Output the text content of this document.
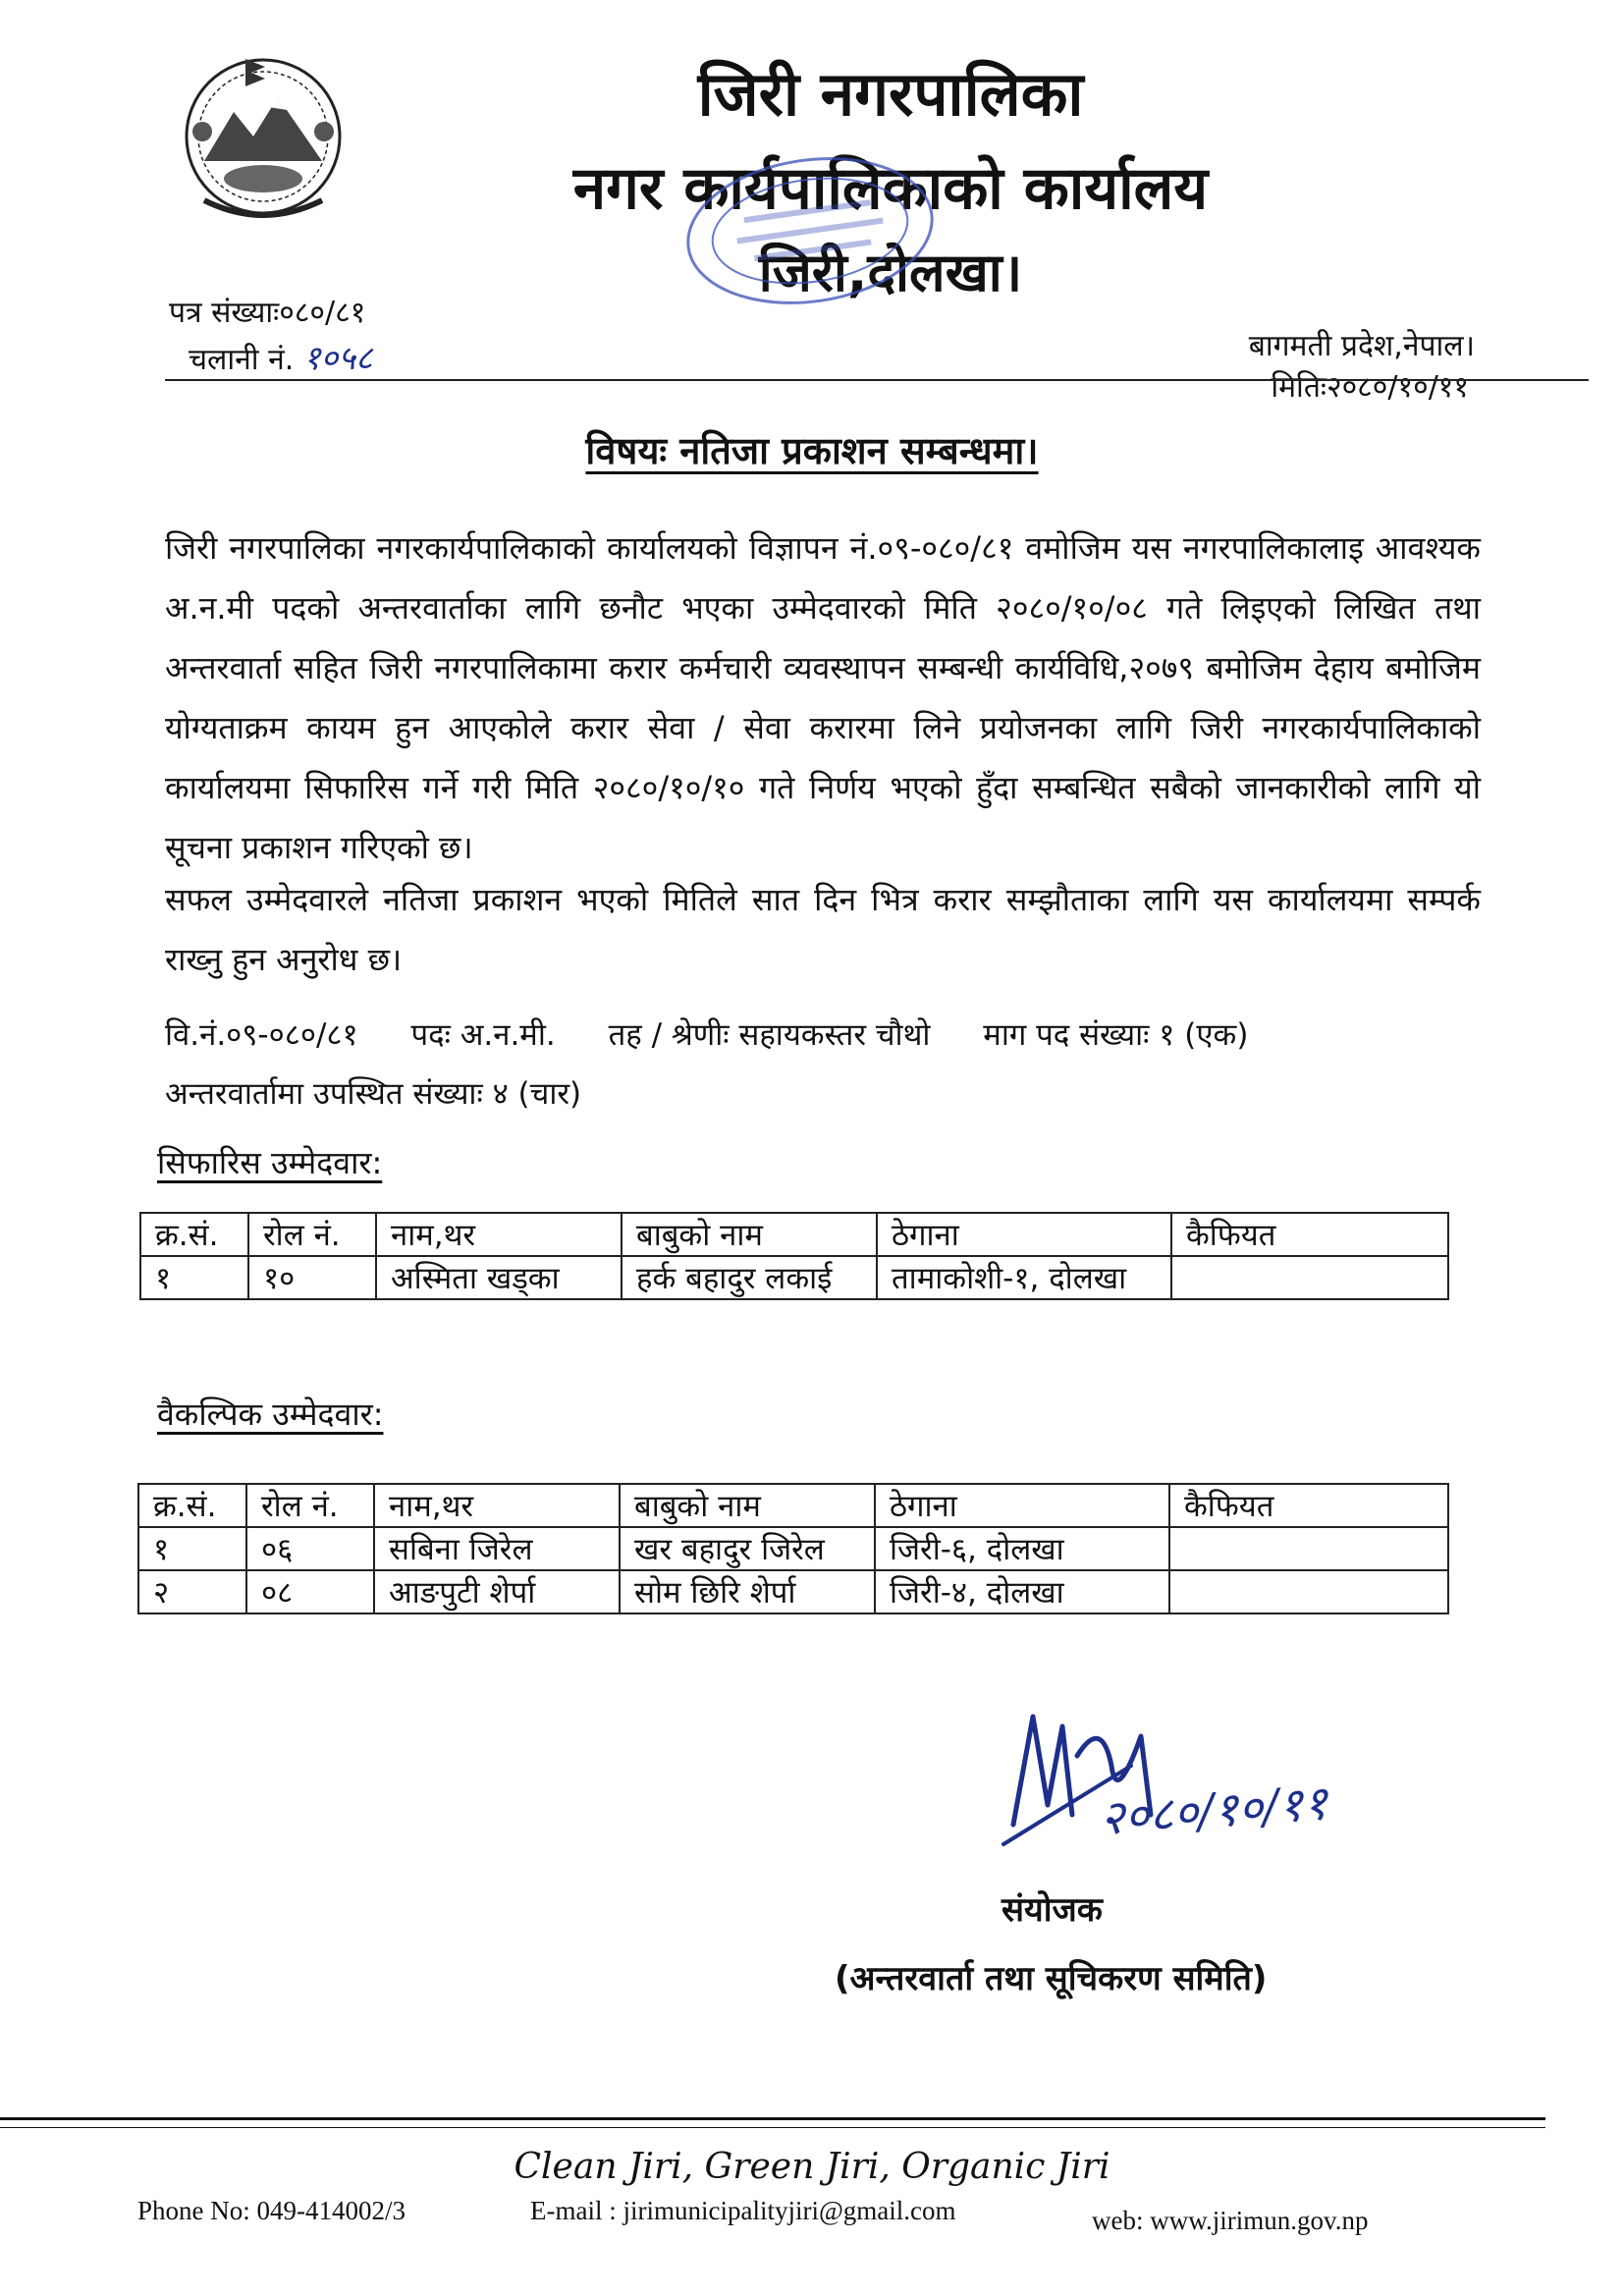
जिरी नगरपालिका
नगर कार्यपालिकाको कार्यालय
जिरी,दोलखा।
पत्र संख्याः०८०/८१
चलानी नं. १०५८	बागमती प्रदेश,नेपाल।
मितिः२०८०/१०/११
विषयः नतिजा प्रकाशन सम्बन्धमा।
जिरी नगरपालिका नगरकार्यपालिकाको कार्यालयको विज्ञापन नं.०९-०८०/८१ वमोजिम यस नगरपालिकालाइ आवश्यक अ.न.मी पदको अन्तरवार्ताका लागि छनौट भएका उम्मेदवारको मिति २०८०/१०/०८ गते लिइएको लिखित तथा अन्तरवार्ता सहित जिरी नगरपालिकामा करार कर्मचारी व्यवस्थापन सम्बन्धी कार्यविधि,२०७९ बमोजिम देहाय बमोजिम योग्यताक्रम कायम हुन आएकोले करार सेवा / सेवा करारमा लिने प्रयोजनका लागि जिरी नगरकार्यपालिकाको कार्यालयमा सिफारिस गर्ने गरी मिति २०८०/१०/१० गते निर्णय भएको हुँदा सम्बन्धित सबैको जानकारीको लागि यो सूचना प्रकाशन गरिएको छ।
सफल उम्मेदवारले नतिजा प्रकाशन भएको मितिले सात दिन भित्र करार सम्झौताका लागि यस कार्यालयमा सम्पर्क राख्नु हुन अनुरोध छ।
वि.नं.०९-०८०/८१ पदः अ.न.मी. तह / श्रेणीः सहायकस्तर चौथो माग पद संख्याः १ (एक)
अन्तरवार्तामा उपस्थित संख्याः ४ (चार)
सिफारिस उम्मेदवार:
क्र.सं.	रोल नं.	नाम,थर	बाबुको नाम	ठेगाना	कैफियत
१	१०	अस्मिता खड्का	हर्क बहादुर लकाई	तामाकोशी-१, दोलखा	
वैकल्पिक उम्मेदवार:
क्र.सं.	रोल नं.	नाम,थर	बाबुको नाम	ठेगाना	कैफियत
१	०६	सबिना जिरेल	खर बहादुर जिरेल	जिरी-६, दोलखा	
२	०८	आङपुटी शेर्पा	सोम छिरि शेर्पा	जिरी-४, दोलखा	
२०८०/१०/११
संयोजक
(अन्तरवार्ता तथा सूचिकरण समिति)
Clean Jiri, Green Jiri, Organic Jiri
Phone No: 049-414002/3	E-mail : jirimunicipalityjiri@gmail.com	web: www.jirimun.gov.np
